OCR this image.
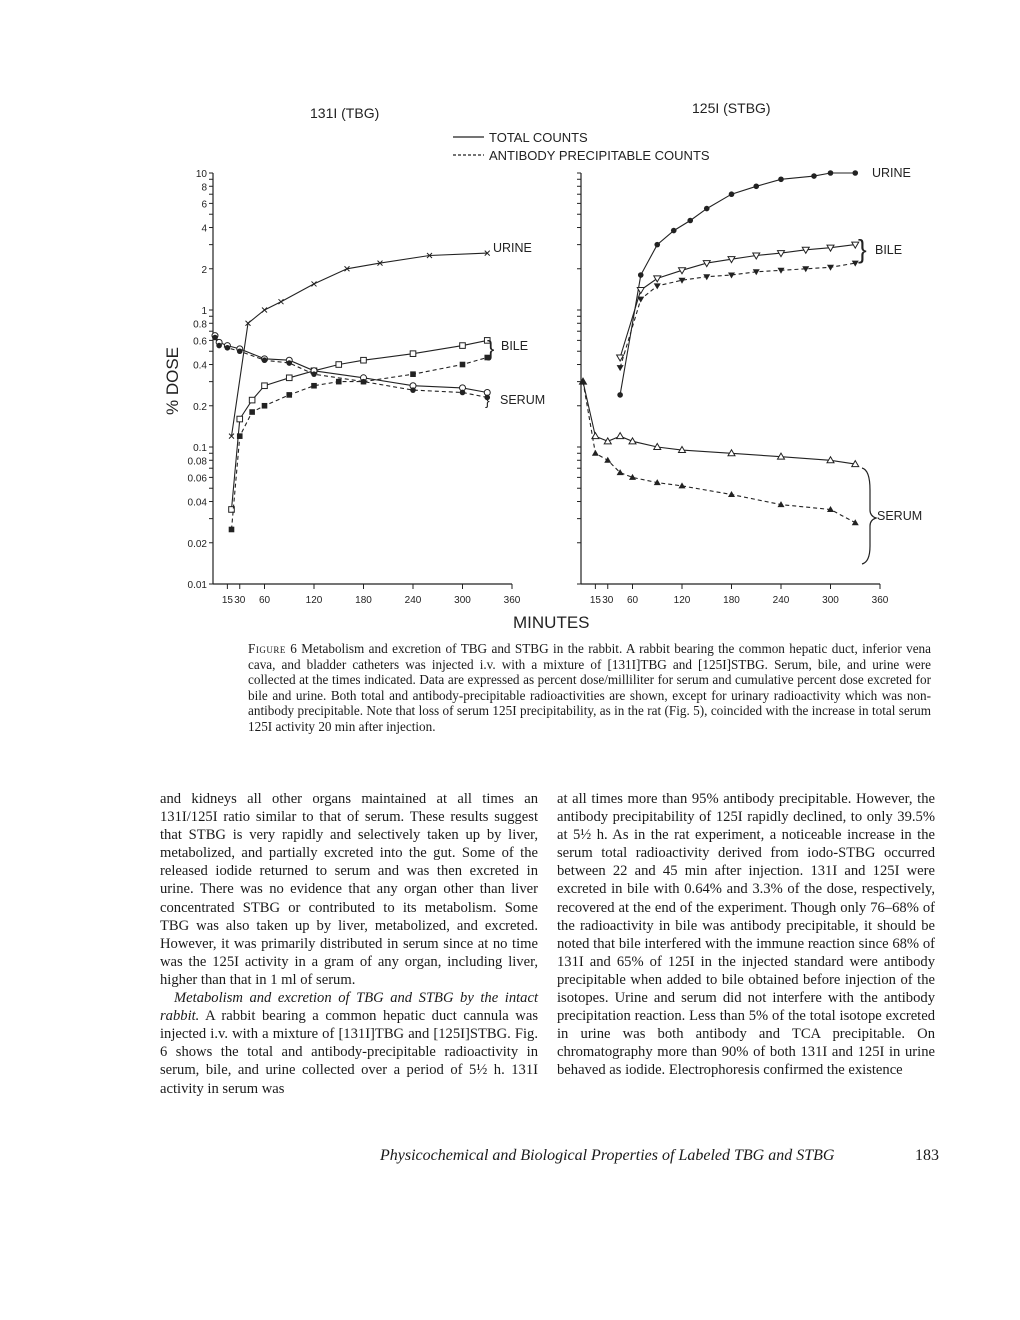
10
8
6
4
2
1
0.8
0.6
0.4
0.2
0.1
0.08
0.06
0.04
0.02
0.01
15 30 60	120	180	240	300	360	15 30 60	120	180	240	300	360
131I (TBG)	125I (STBG)
TOTAL COUNTS
ANTIBODY PRECIPITABLE COUNTS
% DOSE
MINUTES
URINE
} BILE
} SERUM
URINE
} BILE
SERUM
Figure 6 Metabolism and excretion of TBG and STBG in the rabbit. A rabbit bearing the common hepatic duct, inferior vena cava, and bladder catheters was injected i.v. with a mixture of [131I]TBG and [125I]STBG. Serum, bile, and urine were collected at the times indicated. Data are expressed as percent dose/milliliter for serum and cumulative percent dose excreted for bile and urine. Both total and antibody-precipitable radioactivities are shown, except for urinary radioactivity which was non-antibody precipitable. Note that loss of serum 125I precipitability, as in the rat (Fig. 5), coincided with the increase in total serum 125I activity 20 min after injection.

and kidneys all other organs maintained at all times an 131I/125I ratio similar to that of serum. These results suggest that STBG is very rapidly and selectively taken up by liver, metabolized, and partially excreted into the gut. Some of the released iodide returned to serum and was then excreted in urine. There was no evidence that any organ other than liver concentrated STBG or contributed to its metabolism. Some TBG was also taken up by liver, metabolized, and excreted. However, it was primarily distributed in serum since at no time was the 125I activity in a gram of any organ, including liver, higher than that in 1 ml of serum.

Metabolism and excretion of TBG and STBG by the intact rabbit. A rabbit bearing a common hepatic duct cannula was injected i.v. with a mixture of [131I]TBG and [125I]STBG. Fig. 6 shows the total and antibody-precipitable radioactivity in serum, bile, and urine collected over a period of 5½ h. 131I activity in serum was

at all times more than 95% antibody precipitable. However, the antibody precipitability of 125I rapidly declined, to only 39.5% at 5½ h. As in the rat experiment, a noticeable increase in the serum total radioactivity derived from iodo-STBG occurred between 22 and 45 min after injection. 131I and 125I were excreted in bile with 0.64% and 3.3% of the dose, respectively, recovered at the end of the experiment. Though only 76–68% of the radioactivity in bile was antibody precipitable, it should be noted that bile interfered with the immune reaction since 68% of 131I and 65% of 125I in the injected standard were antibody precipitable when added to bile obtained before injection of the isotopes. Urine and serum did not interfere with the antibody precipitation reaction. Less than 5% of the total isotope excreted in urine was both antibody and TCA precipitable. On chromatography more than 90% of both 131I and 125I in urine behaved as iodide. Electrophoresis confirmed the existence

Physicochemical and Biological Properties of Labeled TBG and STBG	183
